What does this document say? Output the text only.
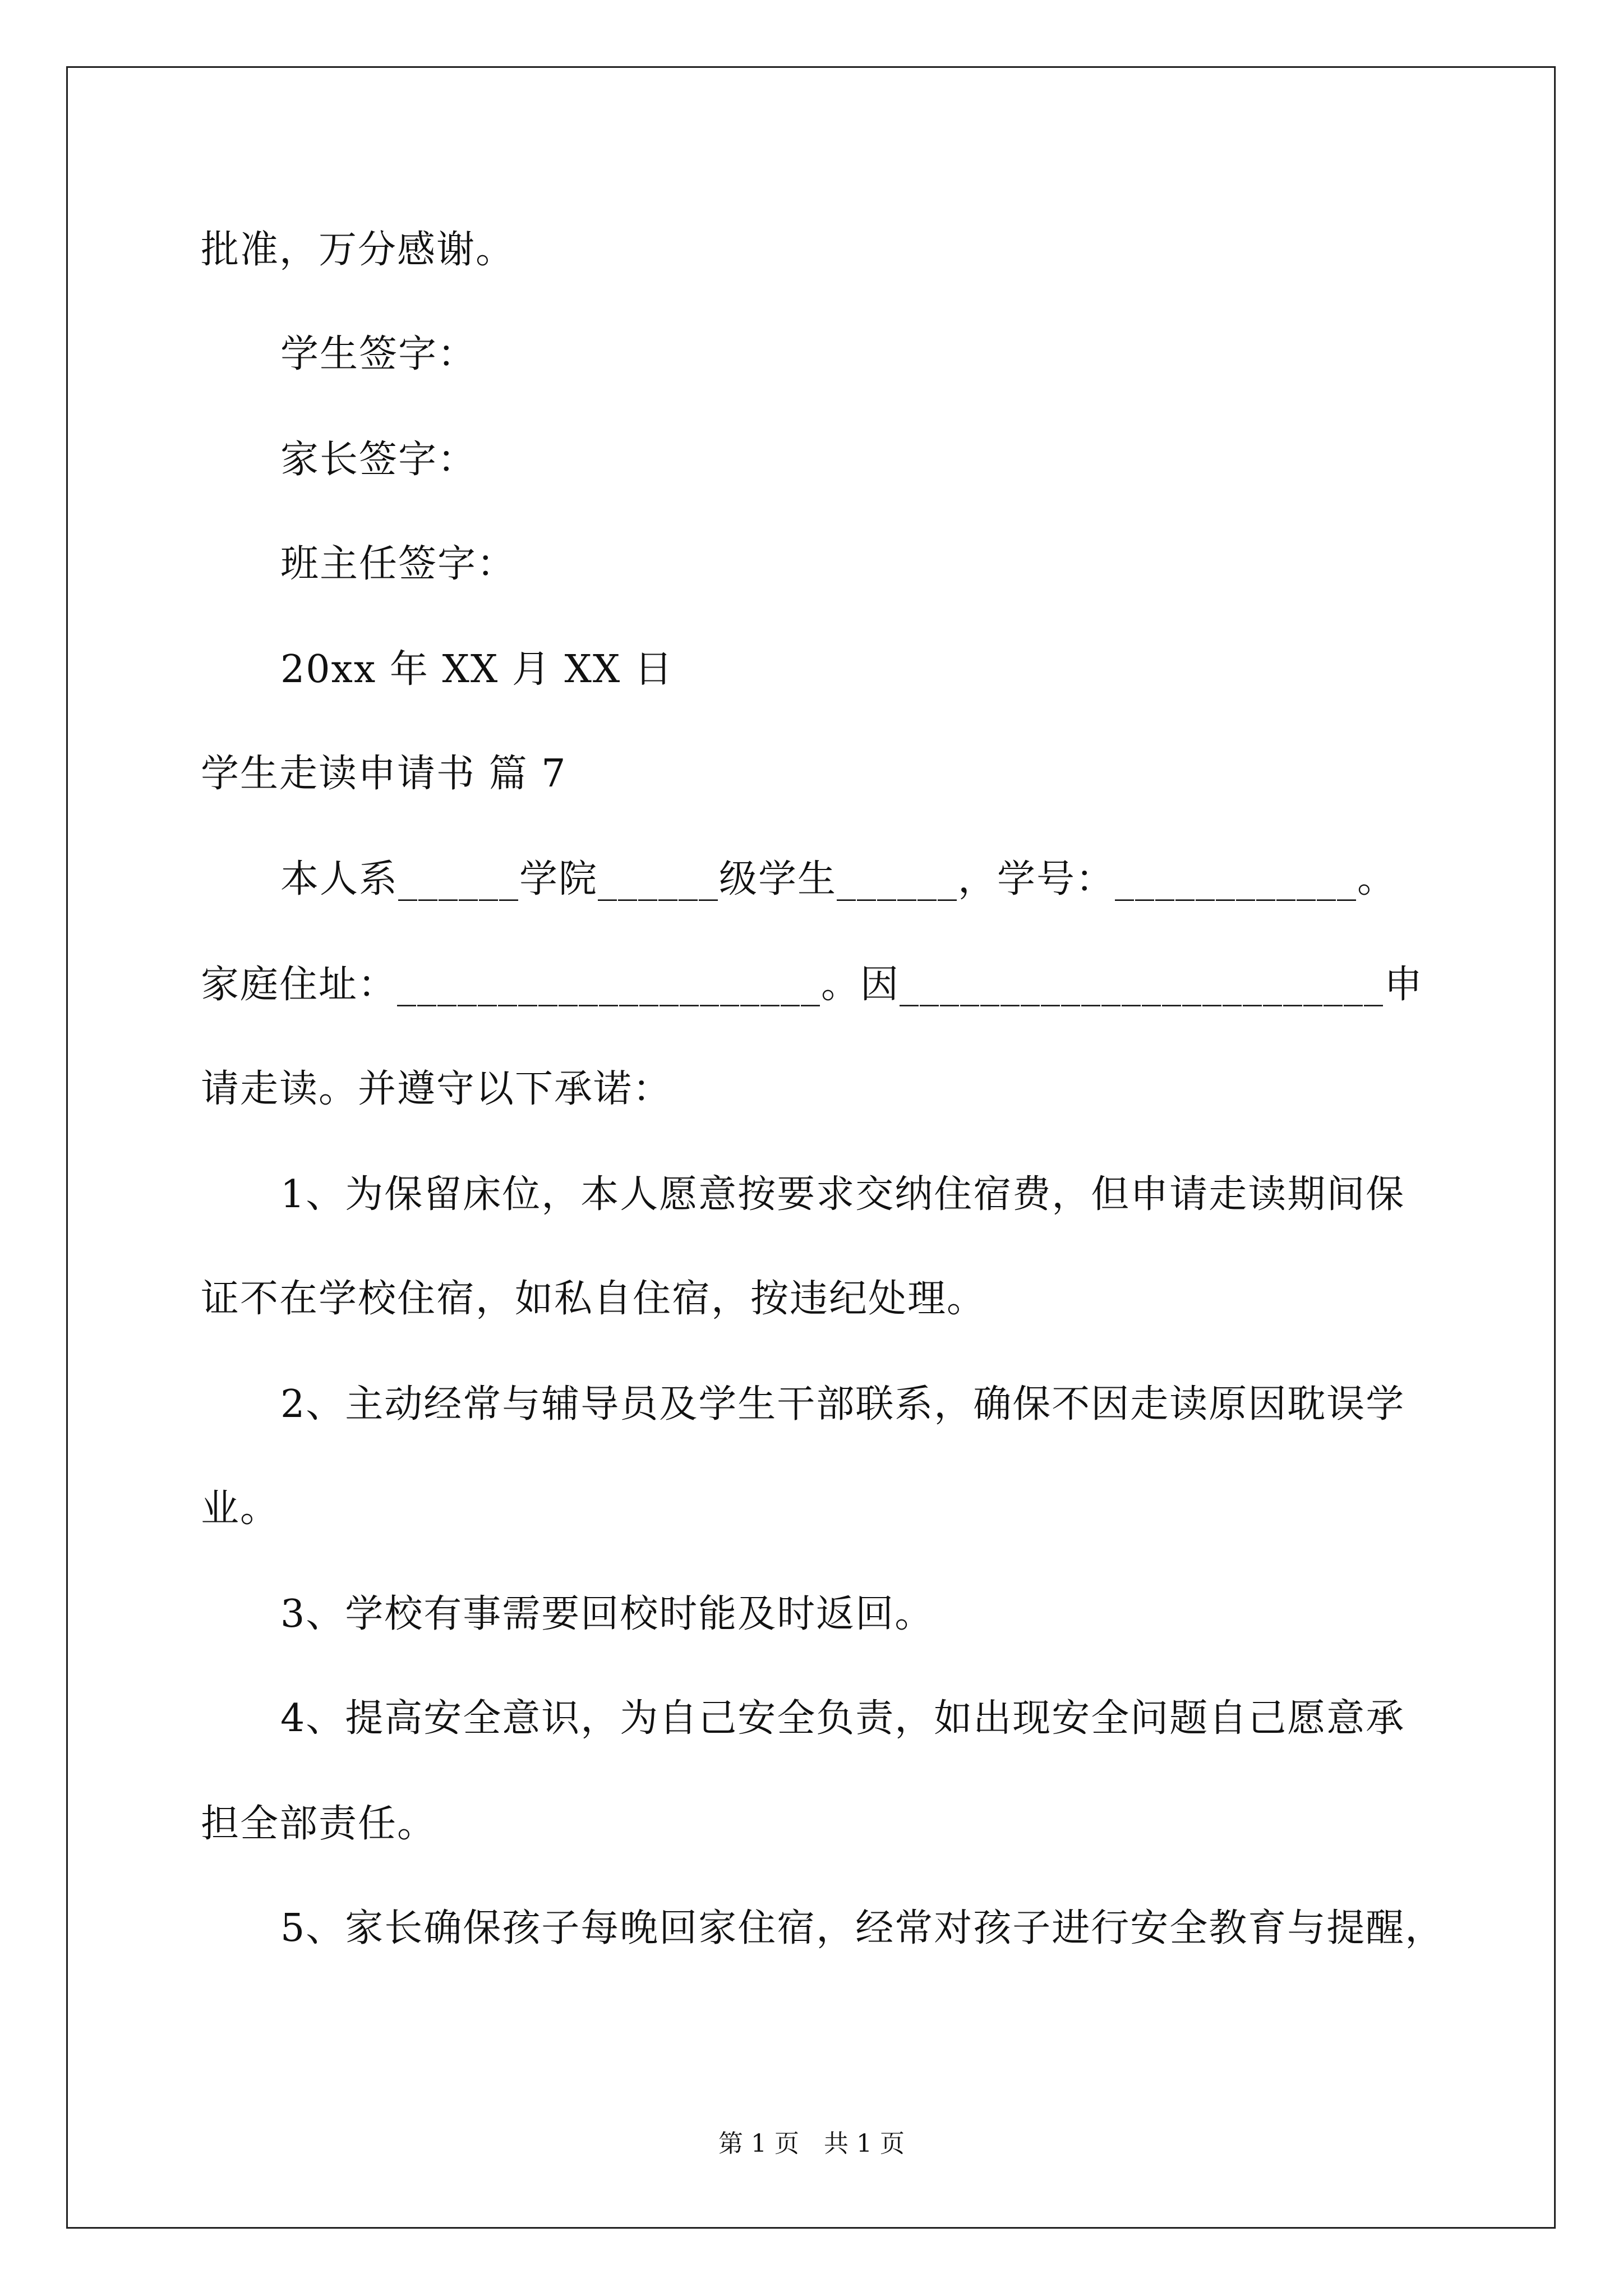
批准，万分感谢。
学生签字：
家长签字：
班主任签字：
20xx 年 XX 月 XX 日
学生走读申请书 篇 7
本人系______学院______级学生______，学号：____________。
家庭住址：_____________________。因________________________申
请走读。并遵守以下承诺：
1、为保留床位，本人愿意按要求交纳住宿费，但申请走读期间保
证不在学校住宿，如私自住宿，按违纪处理。
2、主动经常与辅导员及学生干部联系，确保不因走读原因耽误学
业。
3、学校有事需要回校时能及时返回。
4、提高安全意识，为自己安全负责，如出现安全问题自己愿意承
担全部责任。
5、家长确保孩子每晚回家住宿，经常对孩子进行安全教育与提醒，
第 1 页　共 1 页
